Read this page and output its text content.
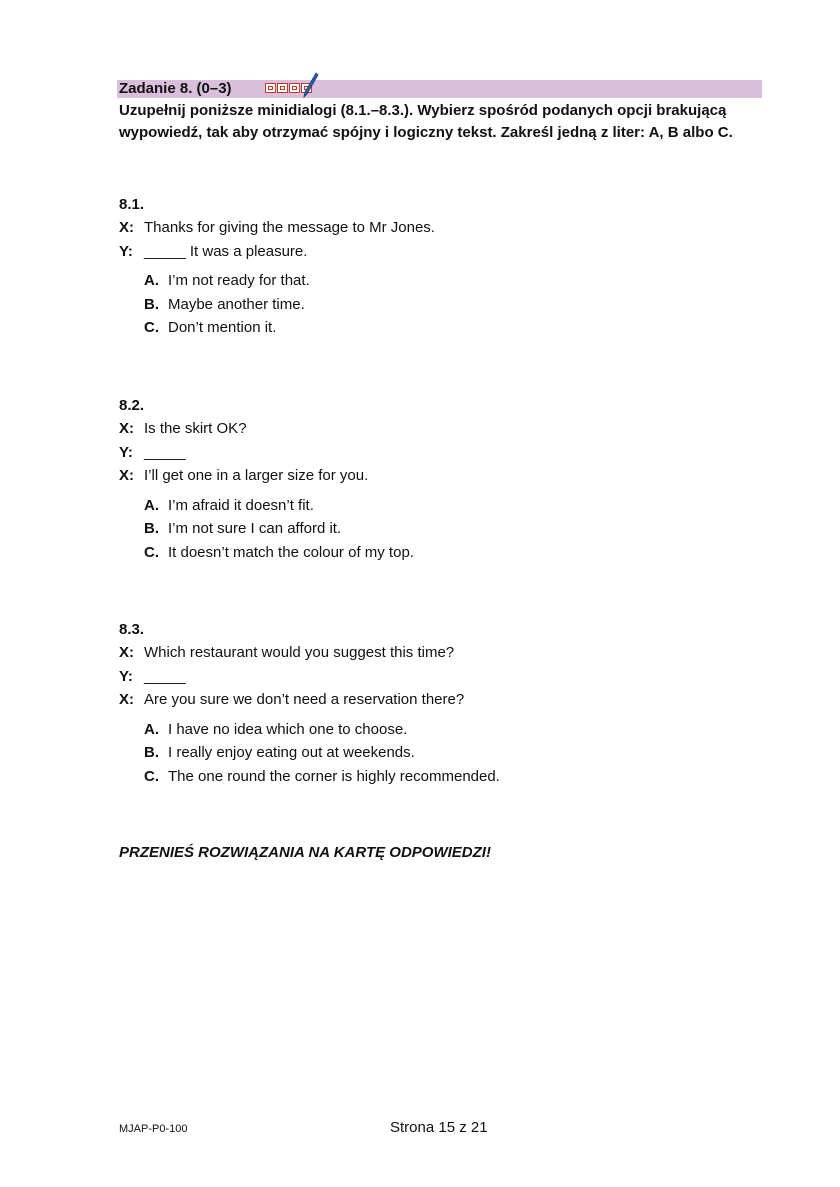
Zadanie 8. (0–3)
Uzupełnij poniższe minidialogi (8.1.–8.3.). Wybierz spośród podanych opcji brakującą wypowiedź, tak aby otrzymać spójny i logiczny tekst. Zakreśl jedną z liter: A, B albo C.
8.1.
X: Thanks for giving the message to Mr Jones.
Y: _____ It was a pleasure.
A. I’m not ready for that.
B. Maybe another time.
C. Don’t mention it.
8.2.
X: Is the skirt OK?
Y: _____
X: I’ll get one in a larger size for you.
A. I’m afraid it doesn’t fit.
B. I’m not sure I can afford it.
C. It doesn’t match the colour of my top.
8.3.
X: Which restaurant would you suggest this time?
Y: _____
X: Are you sure we don’t need a reservation there?
A. I have no idea which one to choose.
B. I really enjoy eating out at weekends.
C. The one round the corner is highly recommended.
PRZENIEŚ ROZWIĄZANIA NA KARTĘ ODPOWIEDZI!
MJAP-P0-100	Strona 15 z 21
